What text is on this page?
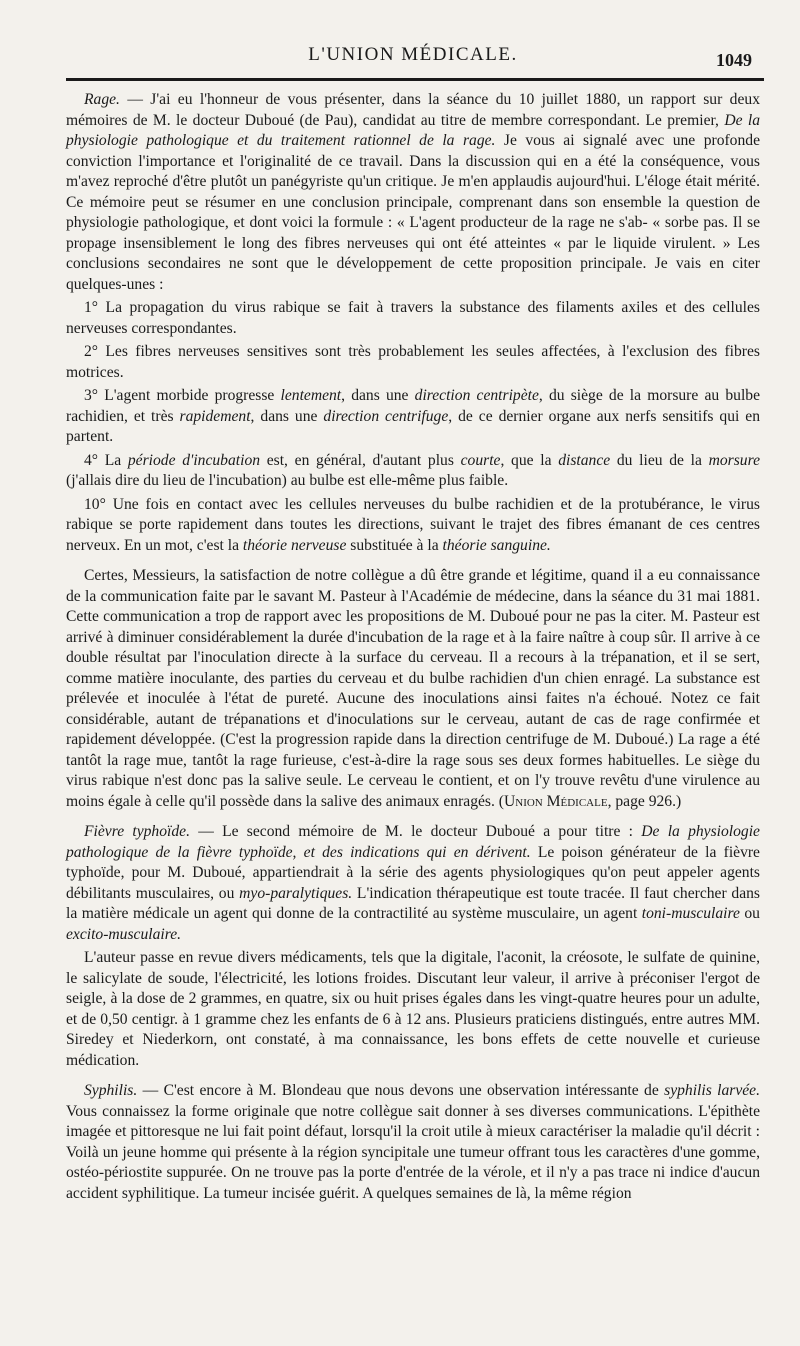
L'UNION MÉDICALE.	1049

Rage. — J'ai eu l'honneur de vous présenter, dans la séance du 10 juillet 1880, un rapport sur deux mémoires de M. le docteur Duboué (de Pau), candidat au titre de membre correspondant. Le premier, De la physiologie pathologique et du traitement rationnel de la rage. Je vous ai signalé avec une profonde conviction l'importance et l'originalité de ce travail. Dans la discussion qui en a été la conséquence, vous m'avez reproché d'être plutôt un panégyriste qu'un critique. Je m'en applaudis aujourd'hui. L'éloge était mérité. Ce mémoire peut se résumer en une conclusion principale, comprenant dans son ensemble la question de physiologie pathologique, et dont voici la formule : « L'agent producteur de la rage ne s'ab- « sorbe pas. Il se propage insensiblement le long des fibres nerveuses qui ont été atteintes « par le liquide virulent. » Les conclusions secondaires ne sont que le développement de cette proposition principale. Je vais en citer quelques-unes :

1° La propagation du virus rabique se fait à travers la substance des filaments axiles et des cellules nerveuses correspondantes.

2° Les fibres nerveuses sensitives sont très probablement les seules affectées, à l'exclusion des fibres motrices.

3° L'agent morbide progresse lentement, dans une direction centripète, du siège de la morsure au bulbe rachidien, et très rapidement, dans une direction centrifuge, de ce dernier organe aux nerfs sensitifs qui en partent.

4° La période d'incubation est, en général, d'autant plus courte, que la distance du lieu de la morsure (j'allais dire du lieu de l'incubation) au bulbe est elle-même plus faible.

10° Une fois en contact avec les cellules nerveuses du bulbe rachidien et de la protubérance, le virus rabique se porte rapidement dans toutes les directions, suivant le trajet des fibres émanant de ces centres nerveux. En un mot, c'est la théorie nerveuse substituée à la théorie sanguine.

Certes, Messieurs, la satisfaction de notre collègue a dû être grande et légitime, quand il a eu connaissance de la communication faite par le savant M. Pasteur à l'Académie de médecine, dans la séance du 31 mai 1881. Cette communication a trop de rapport avec les propositions de M. Duboué pour ne pas la citer. M. Pasteur est arrivé à diminuer considérablement la durée d'incubation de la rage et à la faire naître à coup sûr. Il arrive à ce double résultat par l'inoculation directe à la surface du cerveau. Il a recours à la trépanation, et il se sert, comme matière inoculante, des parties du cerveau et du bulbe rachidien d'un chien enragé. La substance est prélevée et inoculée à l'état de pureté. Aucune des inoculations ainsi faites n'a échoué. Notez ce fait considérable, autant de trépanations et d'inoculations sur le cerveau, autant de cas de rage confirmée et rapidement développée. (C'est la progression rapide dans la direction centrifuge de M. Duboué.) La rage a été tantôt la rage mue, tantôt la rage furieuse, c'est-à-dire la rage sous ses deux formes habituelles. Le siège du virus rabique n'est donc pas la salive seule. Le cerveau le contient, et on l'y trouve revêtu d'une virulence au moins égale à celle qu'il possède dans la salive des animaux enragés. (Union Médicale, page 926.)

Fièvre typhoïde. — Le second mémoire de M. le docteur Duboué a pour titre : De la physiologie pathologique de la fièvre typhoïde, et des indications qui en dérivent. Le poison générateur de la fièvre typhoïde, pour M. Duboué, appartiendrait à la série des agents physiologiques qu'on peut appeler agents débilitants musculaires, ou myo-paralytiques. L'indication thérapeutique est toute tracée. Il faut chercher dans la matière médicale un agent qui donne de la contractilité au système musculaire, un agent toni-musculaire ou excito-musculaire.

L'auteur passe en revue divers médicaments, tels que la digitale, l'aconit, la créosote, le sulfate de quinine, le salicylate de soude, l'électricité, les lotions froides. Discutant leur valeur, il arrive à préconiser l'ergot de seigle, à la dose de 2 grammes, en quatre, six ou huit prises égales dans les vingt-quatre heures pour un adulte, et de 0,50 centigr. à 1 gramme chez les enfants de 6 à 12 ans. Plusieurs praticiens distingués, entre autres MM. Siredey et Niederkorn, ont constaté, à ma connaissance, les bons effets de cette nouvelle et curieuse médication.

Syphilis. — C'est encore à M. Blondeau que nous devons une observation intéressante de syphilis larvée. Vous connaissez la forme originale que notre collègue sait donner à ses diverses communications. L'épithète imagée et pittoresque ne lui fait point défaut, lorsqu'il la croit utile à mieux caractériser la maladie qu'il décrit : Voilà un jeune homme qui présente à la région syncipitale une tumeur offrant tous les caractères d'une gomme, ostéo-périostite suppurée. On ne trouve pas la porte d'entrée de la vérole, et il n'y a pas trace ni indice d'aucun accident syphilitique. La tumeur incisée guérit. A quelques semaines de là, la même région
